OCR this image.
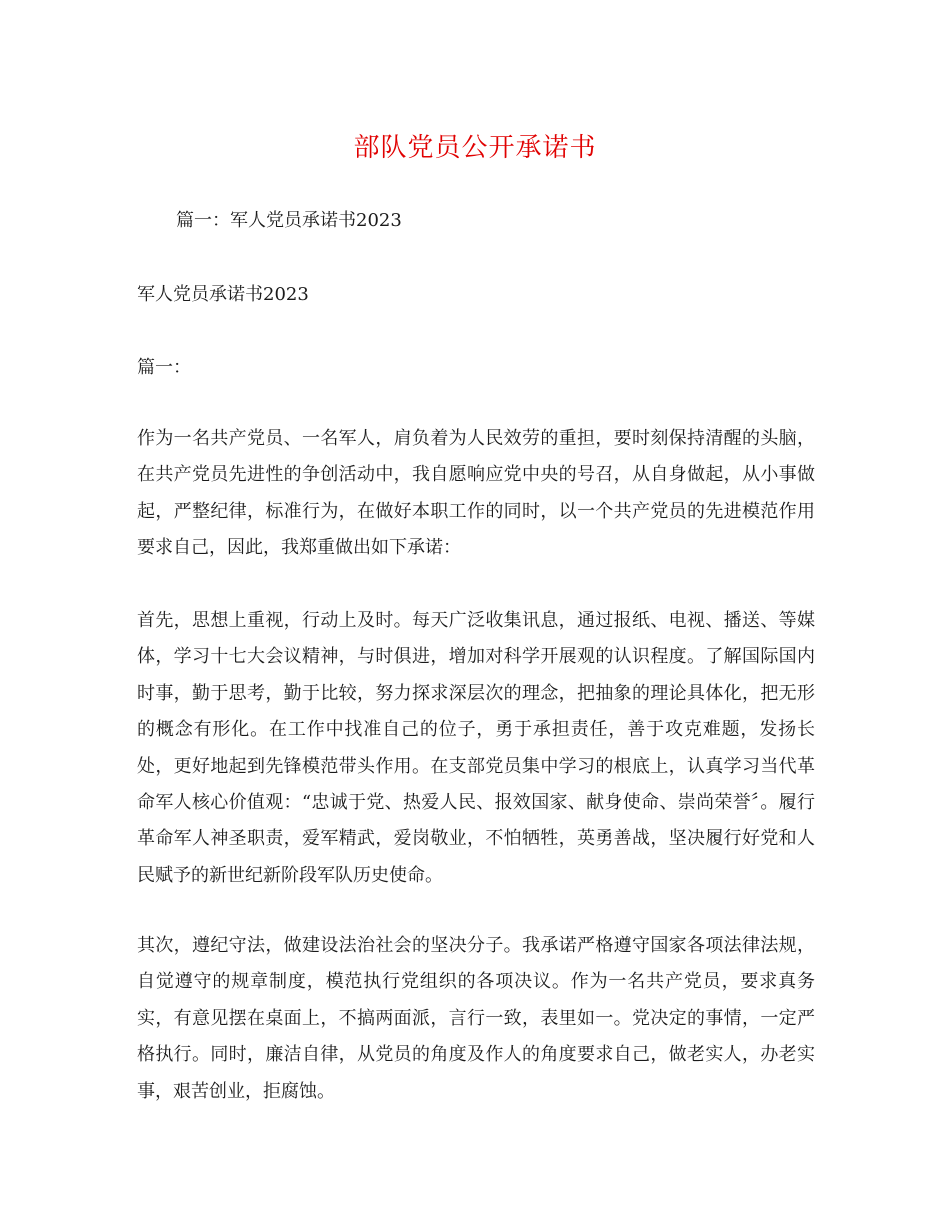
部队党员公开承诺书

篇一：军人党员承诺书2023

军人党员承诺书2023

篇一：

作为一名共产党员、一名军人，肩负着为人民效劳的重担，要时刻保持清醒的头脑，在共产党员先进性的争创活动中，我自愿响应党中央的号召，从自身做起，从小事做起，严整纪律，标准行为，在做好本职工作的同时，以一个共产党员的先进模范作用要求自己，因此，我郑重做出如下承诺：

首先，思想上重视，行动上及时。每天广泛收集讯息，通过报纸、电视、播送、等媒体，学习十七大会议精神，与时俱进，增加对科学开展观的认识程度。了解国际国内时事，勤于思考，勤于比较，努力探求深层次的理念，把抽象的理论具体化，把无形的概念有形化。在工作中找准自己的位子，勇于承担责任，善于攻克难题，发扬长处，更好地起到先锋模范带头作用。在支部党员集中学习的根底上，认真学习当代革命军人核心价值观：“忠诚于党、热爱人民、报效国家、献身使命、崇尚荣誉〞。履行革命军人神圣职责，爱军精武，爱岗敬业，不怕牺牲，英勇善战，坚决履行好党和人民赋予的新世纪新阶段军队历史使命。

其次，遵纪守法，做建设法治社会的坚决分子。我承诺严格遵守国家各项法律法规，自觉遵守的规章制度，模范执行党组织的各项决议。作为一名共产党员，要求真务实，有意见摆在桌面上，不搞两面派，言行一致，表里如一。党决定的事情，一定严格执行。同时，廉洁自律，从党员的角度及作人的角度要求自己，做老实人，办老实事，艰苦创业，拒腐蚀。
